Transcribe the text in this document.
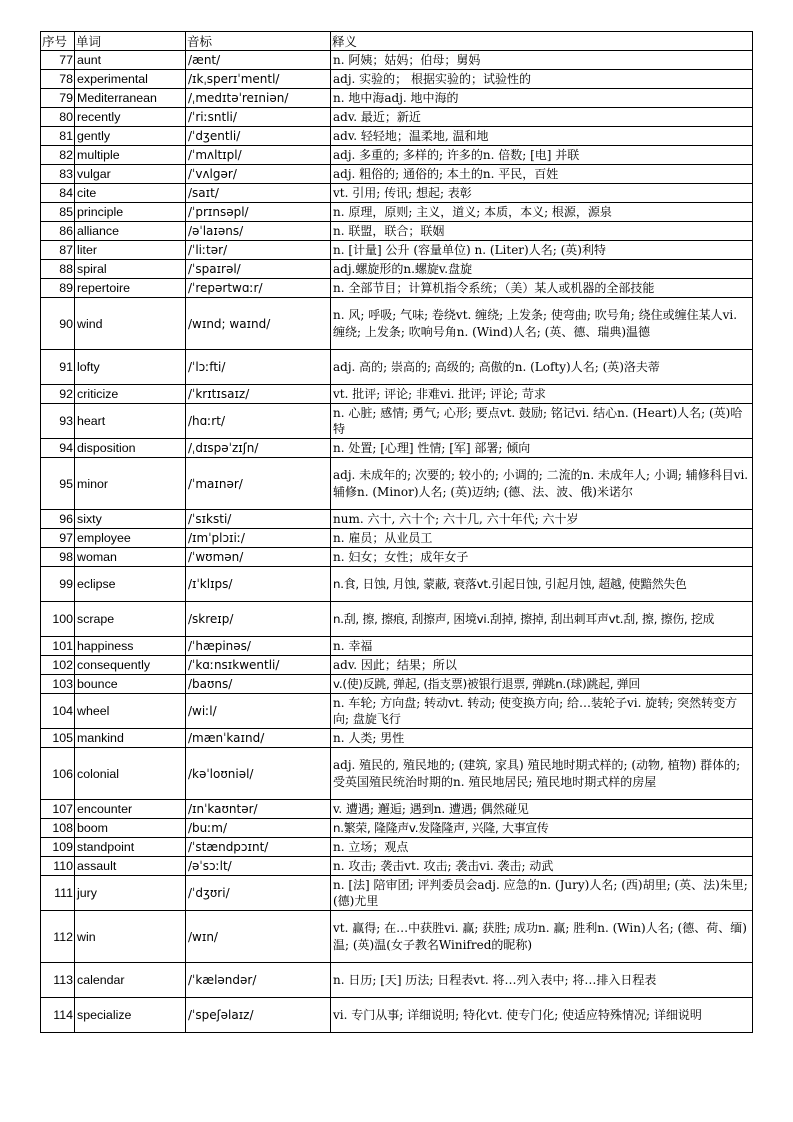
序号	单词	音标	释义
77	aunt	/ænt/	n. 阿姨；姑妈；伯母；舅妈
78	experimental	/ɪkˌsperɪˈmentl/	adj. 实验的； 根据实验的；试验性的
79	Mediterranean	/ˌmedɪtəˈreɪniən/	n. 地中海adj. 地中海的
80	recently	/ˈriːsntli/	adv. 最近；新近
81	gently	/ˈdʒentli/	adv. 轻轻地；温柔地, 温和地
82	multiple	/ˈmʌltɪpl/	adj. 多重的; 多样的; 许多的n. 倍数; [电] 并联
83	vulgar	/ˈvʌlgər/	adj. 粗俗的; 通俗的; 本土的n. 平民，百姓
84	cite	/saɪt/	vt. 引用; 传讯; 想起; 表彰
85	principle	/ˈprɪnsəpl/	n. 原理，原则; 主义，道义; 本质，本义; 根源，源泉
86	alliance	/əˈlaɪəns/	n. 联盟，联合；联姻
87	liter	/ˈliːtər/	n. [计量] 公升 (容量单位) n. (Liter)人名; (英)利特
88	spiral	/ˈspaɪrəl/	adj.螺旋形的n.螺旋v.盘旋
89	repertoire	/ˈrepərtwɑːr/	n. 全部节目；计算机指令系统；（美）某人或机器的全部技能
90	wind	/wɪnd; waɪnd/	n. 风; 呼吸; 气味; 卷绕vt. 缠绕; 上发条; 使弯曲; 吹号角; 绕住或缠住某人vi. 缠绕; 上发条; 吹响号角n. (Wind)人名; (英、德、瑞典)温德
91	lofty	/ˈlɔːfti/	adj. 高的; 崇高的; 高级的; 高傲的n. (Lofty)人名; (英)洛夫蒂
92	criticize	/ˈkrɪtɪsaɪz/	vt. 批评; 评论; 非难vi. 批评; 评论; 苛求
93	heart	/hɑːrt/	n. 心脏; 感情; 勇气; 心形; 要点vt. 鼓励; 铭记vi. 结心n. (Heart)人名; (英)哈特
94	disposition	/ˌdɪspəˈzɪʃn/	n. 处置; [心理] 性情; [军] 部署; 倾向
95	minor	/ˈmaɪnər/	adj. 未成年的; 次要的; 较小的; 小调的; 二流的n. 未成年人; 小调; 辅修科目vi. 辅修n. (Minor)人名; (英)迈纳; (德、法、波、俄)米诺尔
96	sixty	/ˈsɪksti/	num. 六十, 六十个; 六十几, 六十年代; 六十岁
97	employee	/ɪmˈplɔɪiː/	n. 雇员；从业员工
98	woman	/ˈwʊmən/	n. 妇女；女性；成年女子
99	eclipse	/ɪˈklɪps/	n.食, 日蚀, 月蚀, 蒙蔽, 衰落vt.引起日蚀, 引起月蚀, 超越, 使黯然失色
100	scrape	/skreɪp/	n.刮, 擦, 擦痕, 刮擦声, 困境vi.刮掉, 擦掉, 刮出刺耳声vt.刮, 擦, 擦伤, 挖成
101	happiness	/ˈhæpinəs/	n. 幸福
102	consequently	/ˈkɑːnsɪkwentli/	adv. 因此；结果；所以
103	bounce	/baʊns/	v.(使)反跳, 弹起, (指支票)被银行退票, 弹跳n.(球)跳起, 弹回
104	wheel	/wiːl/	n. 车轮; 方向盘; 转动vt. 转动; 使变换方向; 给…装轮子vi. 旋转; 突然转变方向; 盘旋飞行
105	mankind	/mænˈkaɪnd/	n. 人类; 男性
106	colonial	/kəˈloʊniəl/	adj. 殖民的, 殖民地的; (建筑, 家具) 殖民地时期式样的; (动物, 植物) 群体的; 受英国殖民统治时期的n. 殖民地居民; 殖民地时期式样的房屋
107	encounter	/ɪnˈkaʊntər/	v. 遭遇; 邂逅; 遇到n. 遭遇; 偶然碰见
108	boom	/buːm/	n.繁荣, 隆隆声v.发隆隆声, 兴隆, 大事宣传
109	standpoint	/ˈstændpɔɪnt/	n. 立场；观点
110	assault	/əˈsɔːlt/	n. 攻击; 袭击vt. 攻击; 袭击vi. 袭击; 动武
111	jury	/ˈdʒʊri/	n. [法] 陪审团; 评判委员会adj. 应急的n. (Jury)人名; (西)胡里; (英、法)朱里; (德)尤里
112	win	/wɪn/	vt. 赢得; 在…中获胜vi. 赢; 获胜; 成功n. 赢; 胜利n. (Win)人名; (德、荷、缅)温; (英)温(女子教名Winifred的昵称)
113	calendar	/ˈkæləndər/	n. 日历; [天] 历法; 日程表vt. 将…列入表中; 将…排入日程表
114	specialize	/ˈspeʃəlaɪz/	vi. 专门从事; 详细说明; 特化vt. 使专门化; 使适应特殊情况; 详细说明
